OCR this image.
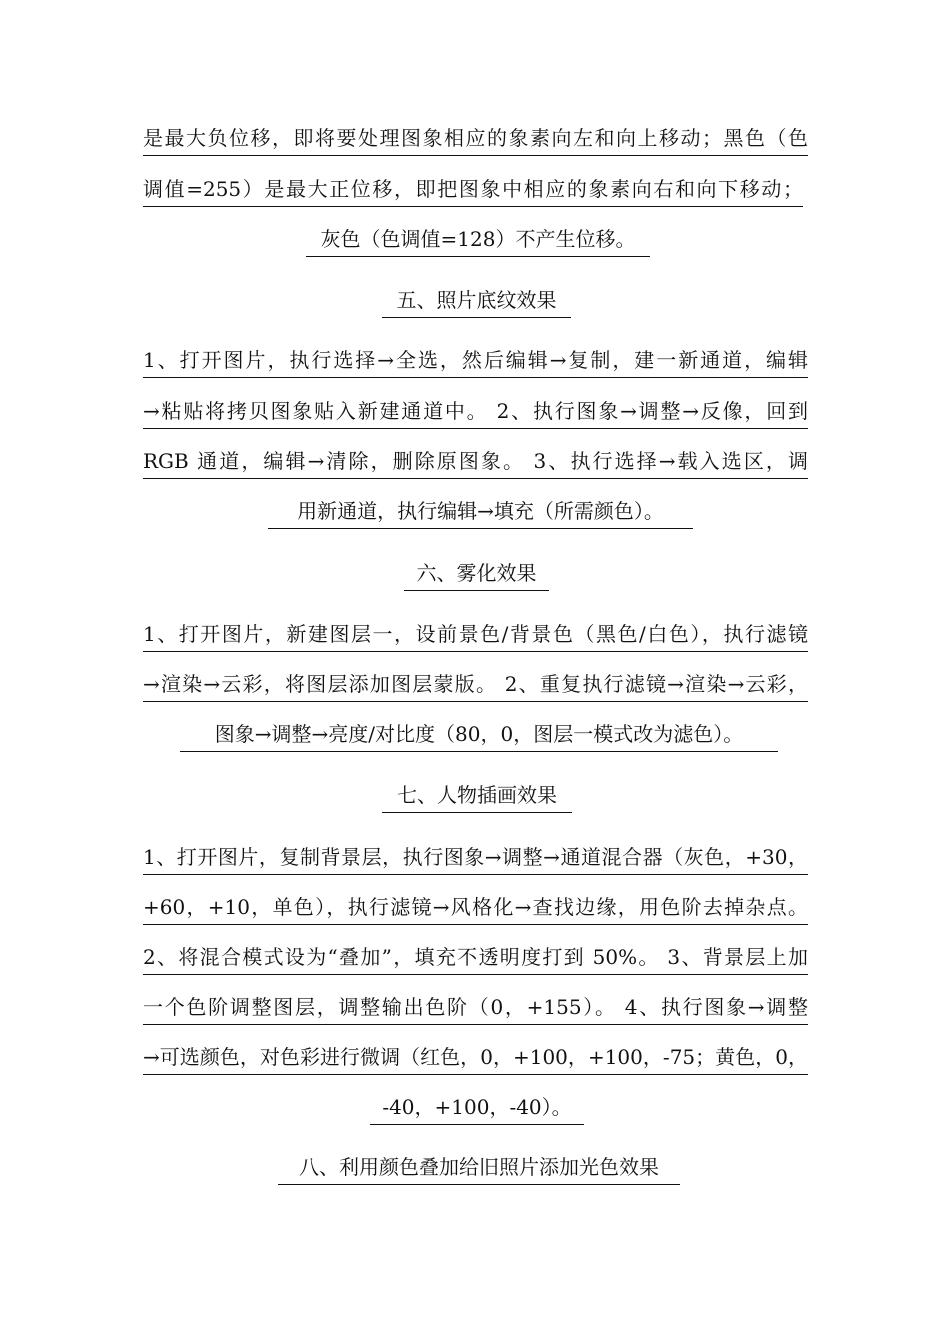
是最大负位移，即将要处理图象相应的象素向左和向上移动；黑色（色
调值=255）是最大正位移，即把图象中相应的象素向右和向下移动；
灰色（色调值=128）不产生位移。
五、照片底纹效果
1、打开图片，执行选择→全选，然后编辑→复制，建一新通道，编辑
→粘贴将拷贝图象贴入新建通道中。 2、执行图象→调整→反像，回到
RGB 通道，编辑→清除，删除原图象。 3、执行选择→载入选区，调
用新通道，执行编辑→填充（所需颜色）。
六、雾化效果
1、打开图片，新建图层一，设前景色/背景色（黑色/白色），执行滤镜
→渲染→云彩，将图层添加图层蒙版。 2、重复执行滤镜→渲染→云彩，
图象→调整→亮度/对比度（80，0，图层一模式改为滤色）。
七、人物插画效果
1、打开图片，复制背景层，执行图象→调整→通道混合器（灰色，+30，
+60，+10，单色），执行滤镜→风格化→查找边缘，用色阶去掉杂点。
2、将混合模式设为“叠加”，填充不透明度打到 50%。 3、背景层上加
一个色阶调整图层，调整输出色阶（0，+155）。 4、执行图象→调整
→可选颜色，对色彩进行微调（红色，0，+100，+100，-75；黄色，0，
-40，+100，-40）。
八、利用颜色叠加给旧照片添加光色效果
